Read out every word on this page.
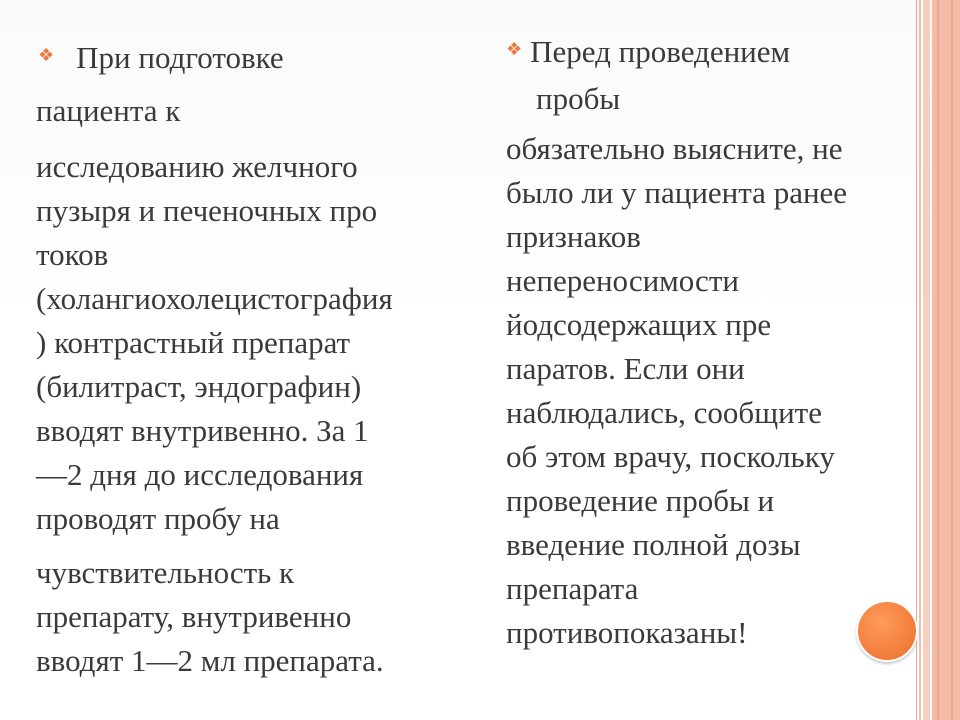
❖ При подготовке

пациента к

исследованию желчного

пузыря и печеночных про

токов

(холангиохолецистография

) контрастный препарат

(билитраст, эндографин)

вводят внутривенно. За 1

—2 дня до исследования

проводят пробу на

чувствительность к

препарату, внутривенно

вводят 1—2 мл препарата.

❖ Перед проведением

пробы

обязательно выясните, не

было ли у пациента ранее

признаков

непереносимости

йодсодержащих пре

паратов. Если они

наблюдались, сообщите

об этом врачу, поскольку

проведение пробы и

введение полной дозы

препарата

противопоказаны!
